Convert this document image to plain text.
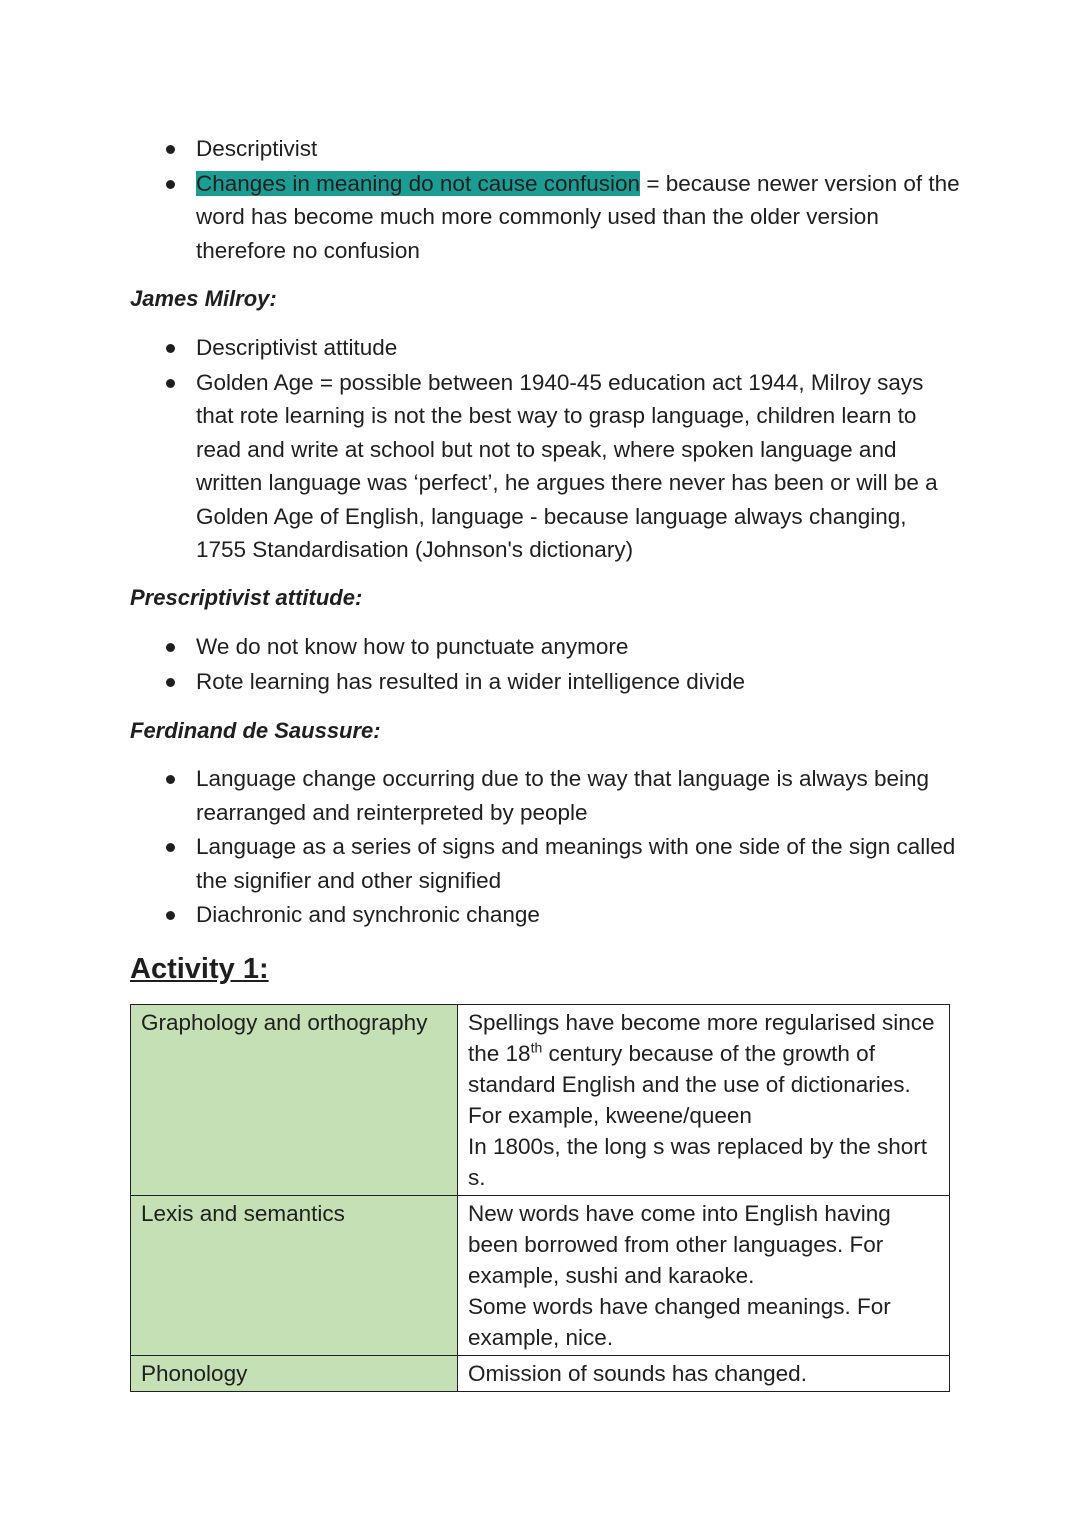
Descriptivist
Changes in meaning do not cause confusion = because newer version of the word has become much more commonly used than the older version therefore no confusion
James Milroy:
Descriptivist attitude
Golden Age = possible between 1940-45 education act 1944, Milroy says that rote learning is not the best way to grasp language, children learn to read and write at school but not to speak, where spoken language and written language was ‘perfect’, he argues there never has been or will be a Golden Age of English, language - because language always changing, 1755 Standardisation (Johnson's dictionary)
Prescriptivist attitude:
We do not know how to punctuate anymore
Rote learning has resulted in a wider intelligence divide
Ferdinand de Saussure:
Language change occurring due to the way that language is always being rearranged and reinterpreted by people
Language as a series of signs and meanings with one side of the sign called the signifier and other signified
Diachronic and synchronic change
Activity 1:
Graphology and orthography	Spellings have become more regularised since the 18th century because of the growth of standard English and the use of dictionaries. For example, kweene/queen
In 1800s, the long s was replaced by the short s.
Lexis and semantics	New words have come into English having been borrowed from other languages. For example, sushi and karaoke.
Some words have changed meanings. For example, nice.
Phonology	Omission of sounds has changed.
